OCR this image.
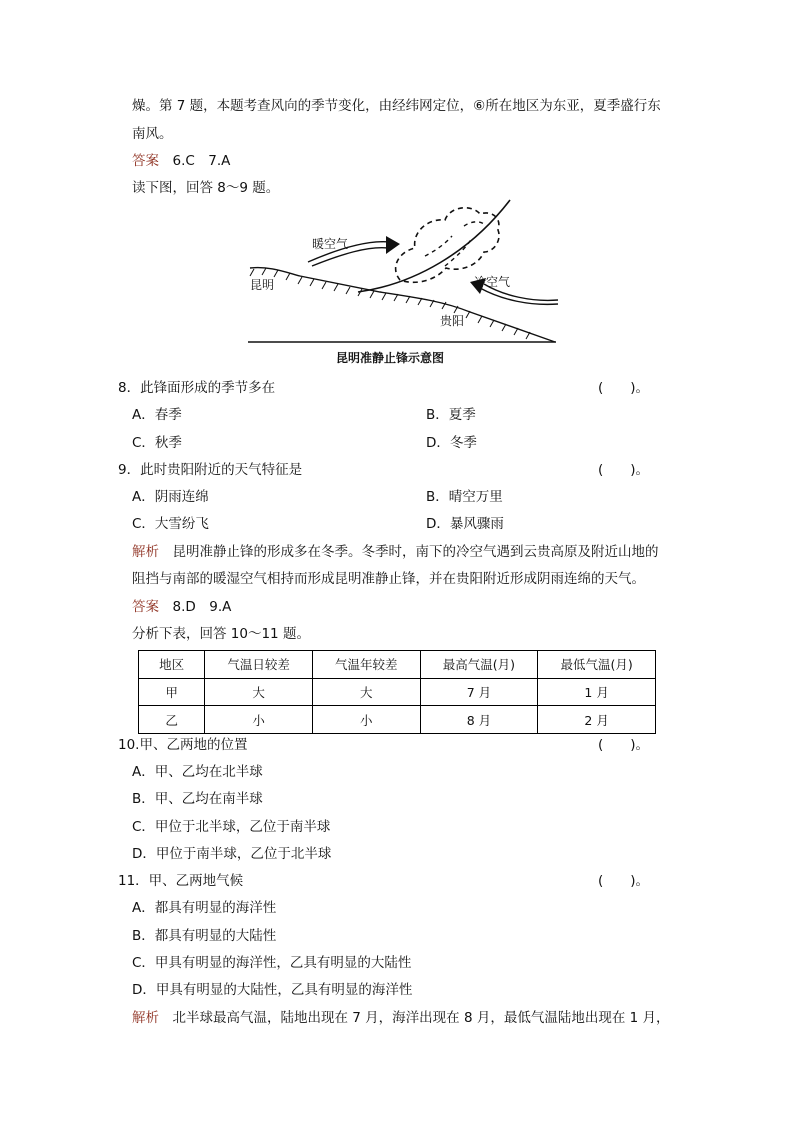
燥。第 7 题，本题考查风向的季节变化，由经纬网定位，⑥所在地区为东亚，夏季盛行东
南风。
答案　 6.C　7.A
读下图，回答 8～9 题。
暖空气
冷空气
昆明
贵阳
昆明准静止锋示意图
8．此锋面形成的季节多在	(　　)。
A．春季	B．夏季
C．秋季	D．冬季
9．此时贵阳附近的天气特征是	(　　)。
A．阴雨连绵	B．晴空万里
C．大雪纷飞	D．暴风骤雨
解析　 昆明准静止锋的形成多在冬季。冬季时，南下的冷空气遇到云贵高原及附近山地的
阻挡与南部的暖湿空气相持而形成昆明准静止锋，并在贵阳附近形成阴雨连绵的天气。
答案　 8.D　9.A
分析下表，回答 10～11 题。
地区	气温日较差	气温年较差	最高气温(月)	最低气温(月)
甲	大	大	7 月	1 月
乙	小	小	8 月	2 月
10.甲、乙两地的位置	(　　)。
A．甲、乙均在北半球
B．甲、乙均在南半球
C．甲位于北半球，乙位于南半球
D．甲位于南半球，乙位于北半球
11．甲、乙两地气候	(　　)。
A．都具有明显的海洋性
B．都具有明显的大陆性
C．甲具有明显的海洋性，乙具有明显的大陆性
D．甲具有明显的大陆性，乙具有明显的海洋性
解析　 北半球最高气温，陆地出现在 7 月，海洋出现在 8 月，最低气温陆地出现在 1 月，
